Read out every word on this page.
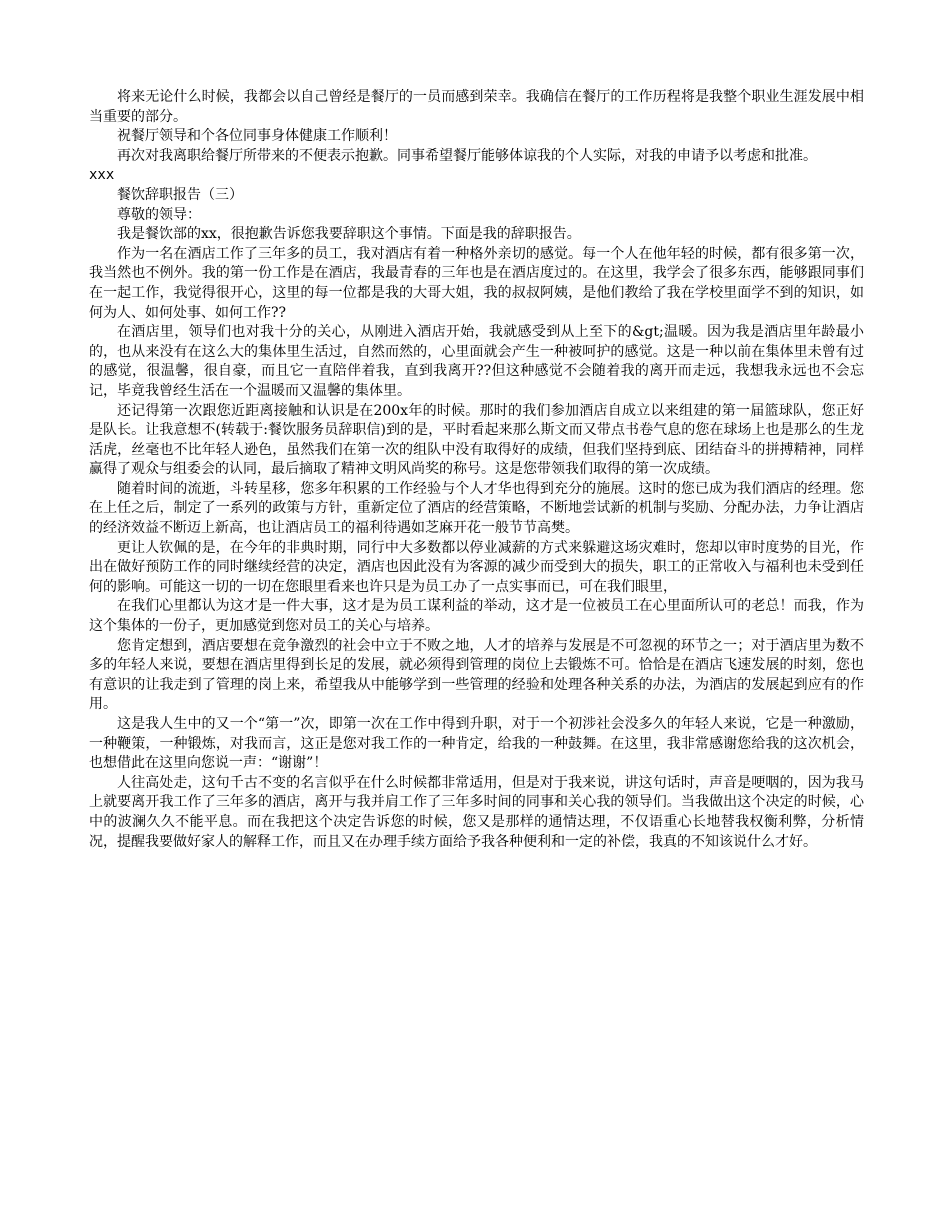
将来无论什么时候，我都会以自己曾经是餐厅的一员而感到荣幸。我确信在餐厅的工作历程将是我整个职业生涯发展中相当重要的部分。

祝餐厅领导和个各位同事身体健康工作顺利！

再次对我离职给餐厅所带来的不便表示抱歉。同事希望餐厅能够体谅我的个人实际，对我的申请予以考虑和批准。

xxx

餐饮辞职报告（三）

尊敬的领导：

我是餐饮部的xx，很抱歉告诉您我要辞职这个事情。下面是我的辞职报告。

作为一名在酒店工作了三年多的员工，我对酒店有着一种格外亲切的感觉。每一个人在他年轻的时候，都有很多第一次，我当然也不例外。我的第一份工作是在酒店，我最青春的三年也是在酒店度过的。在这里，我学会了很多东西，能够跟同事们在一起工作，我觉得很开心，这里的每一位都是我的大哥大姐，我的叔叔阿姨，是他们教给了我在学校里面学不到的知识，如何为人、如何处事、如何工作??

在酒店里，领导们也对我十分的关心，从刚进入酒店开始，我就感受到从上至下的&gt;温暖。因为我是酒店里年龄最小的，也从来没有在这么大的集体里生活过，自然而然的，心里面就会产生一种被呵护的感觉。这是一种以前在集体里未曾有过的感觉，很温馨，很自豪，而且它一直陪伴着我，直到我离开??但这种感觉不会随着我的离开而走远，我想我永远也不会忘记，毕竟我曾经生活在一个温暖而又温馨的集体里。

还记得第一次跟您近距离接触和认识是在200x年的时候。那时的我们参加酒店自成立以来组建的第一届篮球队，您正好是队长。让我意想不(转载于:餐饮服务员辞职信)到的是，平时看起来那么斯文而又带点书卷气息的您在球场上也是那么的生龙活虎，丝毫也不比年轻人逊色，虽然我们在第一次的组队中没有取得好的成绩，但我们坚持到底、团结奋斗的拼搏精神，同样赢得了观众与组委会的认同，最后摘取了精神文明风尚奖的称号。这是您带领我们取得的第一次成绩。

随着时间的流逝，斗转星移，您多年积累的工作经验与个人才华也得到充分的施展。这时的您已成为我们酒店的经理。您在上任之后，制定了一系列的政策与方针，重新定位了酒店的经营策略，不断地尝试新的机制与奖励、分配办法，力争让酒店的经济效益不断迈上新高，也让酒店员工的福利待遇如芝麻开花一般节节高樊。

更让人钦佩的是，在今年的非典时期，同行中大多数都以停业减薪的方式来躲避这场灾难时，您却以审时度势的目光，作出在做好预防工作的同时继续经营的决定，酒店也因此没有为客源的减少而受到大的损失，职工的正常收入与福利也未受到任何的影响。可能这一切的一切在您眼里看来也许只是为员工办了一点实事而已，可在我们眼里，

在我们心里都认为这才是一件大事，这才是为员工谋利益的举动，这才是一位被员工在心里面所认可的老总！而我，作为这个集体的一份子，更加感觉到您对员工的关心与培养。

您肯定想到，酒店要想在竞争激烈的社会中立于不败之地，人才的培养与发展是不可忽视的环节之一；对于酒店里为数不多的年轻人来说，要想在酒店里得到长足的发展，就必须得到管理的岗位上去锻炼不可。恰恰是在酒店飞速发展的时刻，您也有意识的让我走到了管理的岗上来，希望我从中能够学到一些管理的经验和处理各种关系的办法，为酒店的发展起到应有的作用。

这是我人生中的又一个“第一”次，即第一次在工作中得到升职，对于一个初涉社会没多久的年轻人来说，它是一种激励，一种鞭策，一种锻炼，对我而言，这正是您对我工作的一种肯定，给我的一种鼓舞。在这里，我非常感谢您给我的这次机会，也想借此在这里向您说一声：“谢谢”！

人往高处走，这句千古不变的名言似乎在什么时候都非常适用，但是对于我来说，讲这句话时，声音是哽咽的，因为我马上就要离开我工作了三年多的酒店，离开与我并肩工作了三年多时间的同事和关心我的领导们。当我做出这个决定的时候，心中的波澜久久不能平息。而在我把这个决定告诉您的时候，您又是那样的通情达理，不仅语重心长地替我权衡利弊，分析情况，提醒我要做好家人的解释工作，而且又在办理手续方面给予我各种便利和一定的补偿，我真的不知该说什么才好。
